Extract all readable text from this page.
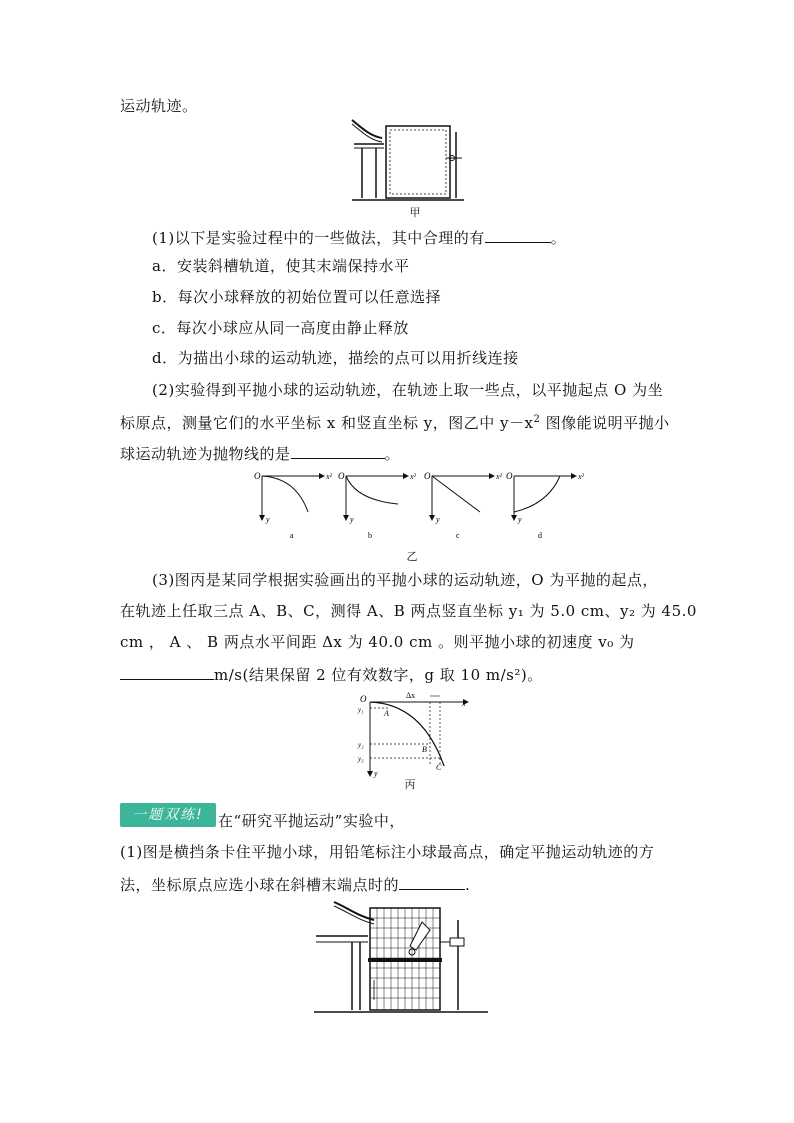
运动轨迹。
甲
(1)以下是实验过程中的一些做法，其中合理的有	。
a．安装斜槽轨道，使其末端保持水平
b．每次小球释放的初始位置可以任意选择
c．每次小球应从同一高度由静止释放
d．为描出小球的运动轨迹，描绘的点可以用折线连接
(2)实验得到平抛小球的运动轨迹，在轨迹上取一些点，以平抛起点 O 为坐
标原点，测量它们的水平坐标 x 和竖直坐标 y，图乙中 $y-x^2$ 图像能说明平抛小
球运动轨迹为抛物线的是	。
O	x²
y
a
O	x²
y
b
O	x²
y
c
O	x²
y
d
乙
(3)图丙是某同学根据实验画出的平抛小球的运动轨迹，O 为平抛的起点，
在轨迹上任取三点 A、B、C，测得 A、B 两点竖直坐标 y₁ 为 5.0 cm、y₂ 为 45.0
cm ， A 、 B 两点水平间距 Δx 为 40.0 cm 。则平抛小球的初速度 v₀ 为
m/s(结果保留 2 位有效数字，g 取 10 m/s²)。
O	Δx
x
y
y₁
y₂
y₃
A
B
C
丙
一题双练! 在“研究平抛运动”实验中，
(1)图是横挡条卡住平抛小球，用铅笔标注小球最高点，确定平抛运动轨迹的方
法，坐标原点应选小球在斜槽末端点时的	.
